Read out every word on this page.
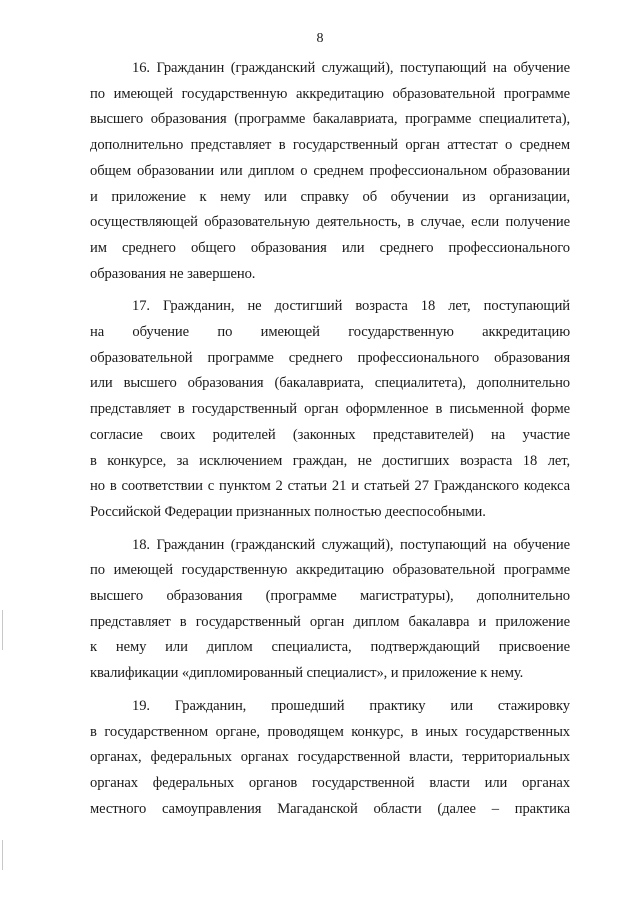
8

16. Гражданин (гражданский служащий), поступающий на обучение
по имеющей государственную аккредитацию образовательной программе
высшего образования (программе бакалавриата, программе специалитета),
дополнительно представляет в государственный орган аттестат о среднем
общем образовании или диплом о среднем профессиональном образовании
и приложение к нему или справку об обучении из организации,
осуществляющей образовательную деятельность, в случае, если получение
им среднего общего образования или среднего профессионального
образования не завершено.

17. Гражданин, не достигший возраста 18 лет, поступающий
на обучение по имеющей государственную аккредитацию
образовательной программе среднего профессионального образования
или высшего образования (бакалавриата, специалитета), дополнительно
представляет в государственный орган оформленное в письменной форме
согласие своих родителей (законных представителей) на участие
в конкурсе, за исключением граждан, не достигших возраста 18 лет,
но в соответствии с пунктом 2 статьи 21 и статьей 27 Гражданского кодекса
Российской Федерации признанных полностью дееспособными.

18. Гражданин (гражданский служащий), поступающий на обучение
по имеющей государственную аккредитацию образовательной программе
высшего образования (программе магистратуры), дополнительно
представляет в государственный орган диплом бакалавра и приложение
к нему или диплом специалиста, подтверждающий присвоение
квалификации «дипломированный специалист», и приложение к нему.

19. Гражданин, прошедший практику или стажировку
в государственном органе, проводящем конкурс, в иных государственных
органах, федеральных органах государственной власти, территориальных
органах федеральных органов государственной власти или органах
местного самоуправления Магаданской области (далее – практика
